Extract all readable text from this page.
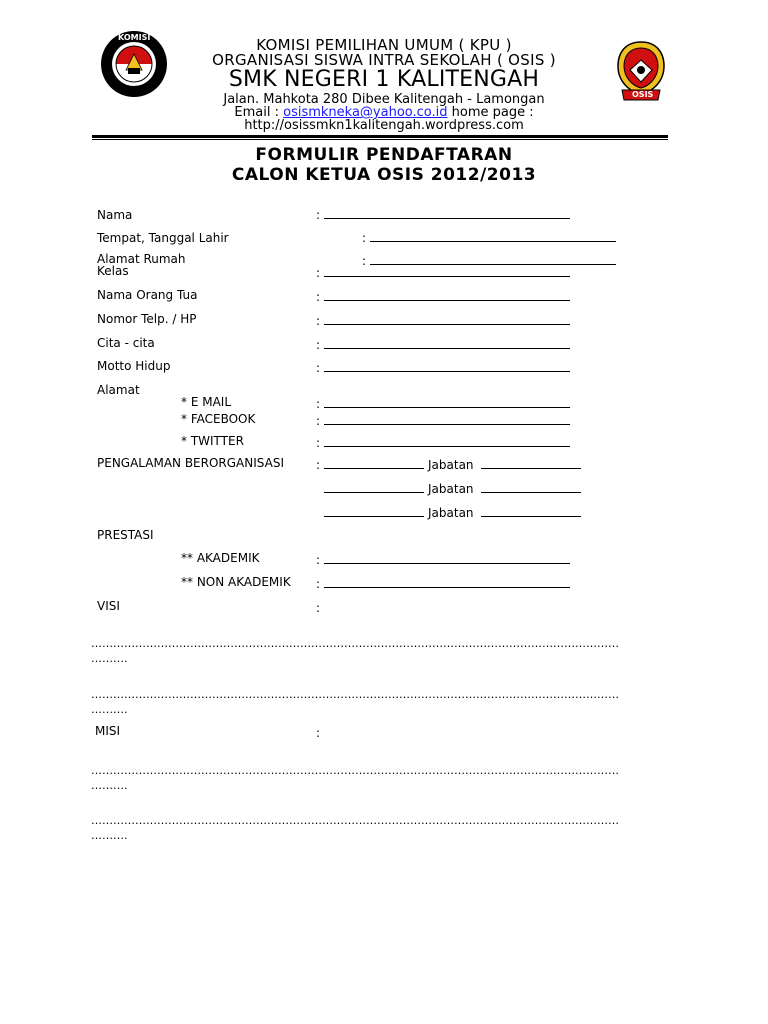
KOMISI
OSIS
KOMISI PEMILIHAN UMUM ( KPU )
ORGANISASI SISWA INTRA SEKOLAH ( OSIS )
SMK NEGERI 1 KALITENGAH
Jalan. Mahkota 280 Dibee Kalitengah - Lamongan
Email : osismkneka@yahoo.co.id home page :
http://osissmkn1kalitengah.wordpress.com
FORMULIR PENDAFTARAN
CALON KETUA OSIS 2012/2013
Nama	:
Tempat, Tanggal Lahir	:
Alamat Rumah	:
Kelas	:
Nama Orang Tua	:
Nomor Telp. / HP	:
Cita - cita	:
Motto Hidup	:
Alamat
* E MAIL	:
* FACEBOOK	:
* TWITTER	:
PENGALAMAN BERORGANISASI	:	Jabatan
Jabatan
Jabatan
PRESTASI
** AKADEMIK	:
** NON AKADEMIK :
VISI	:
………………………………………………………………………………………………………………………………
……….
………………………………………………………………………………………………………………………………
……….
MISI	:
………………………………………………………………………………………………………………………………
……….
………………………………………………………………………………………………………………………………
……….
